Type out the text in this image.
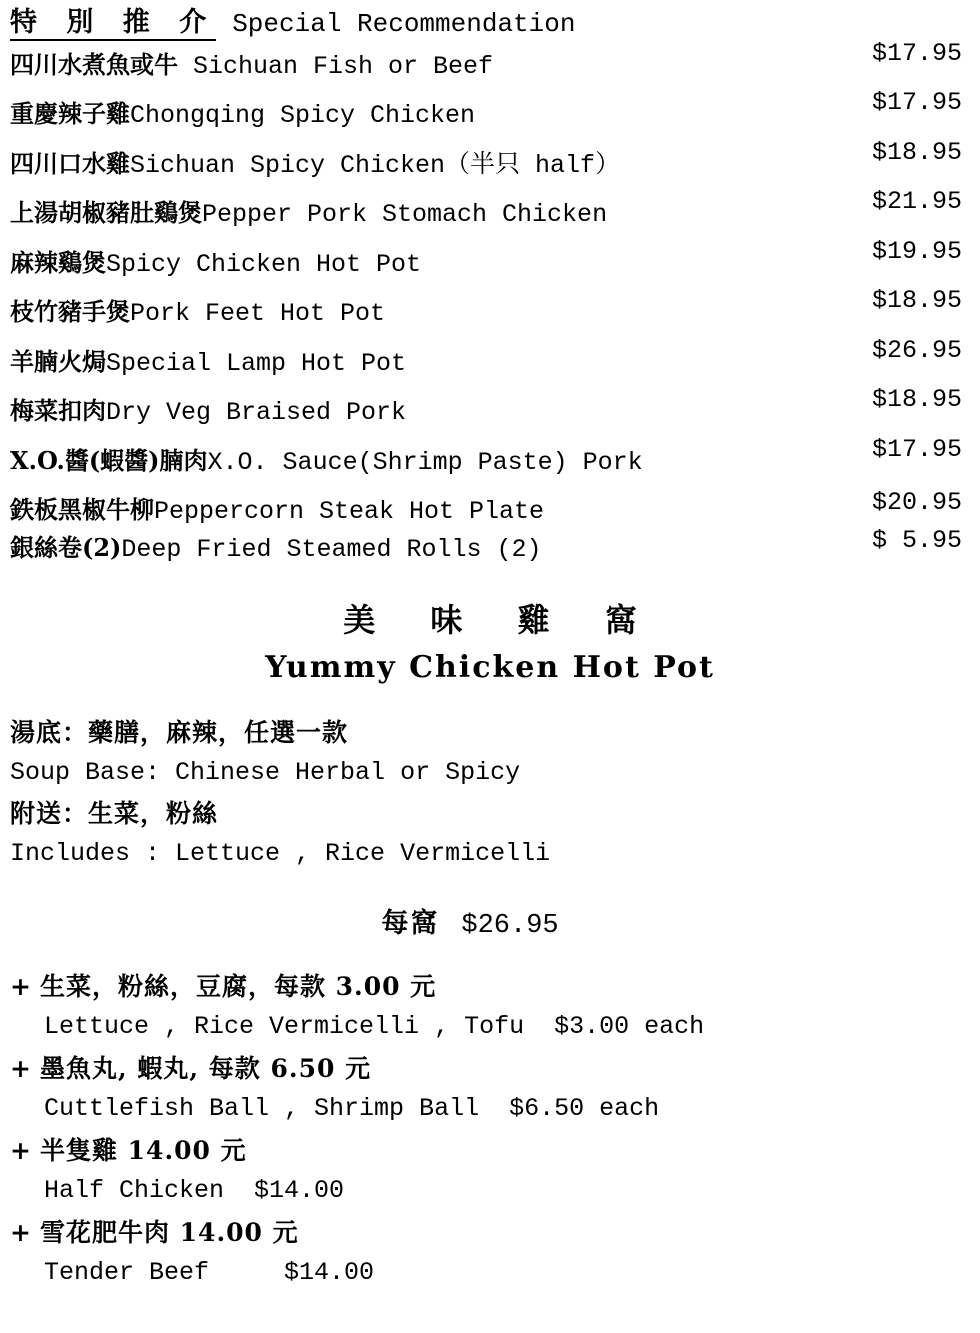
特 別 推 介 Special Recommendation
四川水煮魚或牛 Sichuan Fish or Beef	$17.95
重慶辣子雞Chongqing Spicy Chicken	$17.95
四川口水雞Sichuan Spicy Chicken（半只 half）	$18.95
上湯胡椒豬肚鷄煲Pepper Pork Stomach Chicken	$21.95
麻辣鷄煲Spicy Chicken Hot Pot	$19.95
枝竹豬手煲Pork Feet Hot Pot	$18.95
羊腩火焗Special Lamp Hot Pot	$26.95
梅菜扣肉Dry Veg Braised Pork	$18.95
X.O.醬(蝦醬)腩肉X.O. Sauce(Shrimp Paste) Pork	$17.95
鉄板黑椒牛柳Peppercorn Steak Hot Plate	$20.95
銀絲卷(2)Deep Fried Steamed Rolls (2)	$ 5.95
美 味 雞 窩
Yummy Chicken Hot Pot
湯底：藥膳，麻辣，任選一款
Soup Base: Chinese Herbal or Spicy
附送：生菜，粉絲
Includes : Lettuce , Rice Vermicelli
每窩 $26.95
+ 生菜，粉絲，豆腐，每款 3.00 元
Lettuce , Rice Vermicelli , Tofu  $3.00 each
+ 墨魚丸, 蝦丸, 每款 6.50 元
Cuttlefish Ball , Shrimp Ball  $6.50 each
+ 半隻雞 14.00 元
Half Chicken  $14.00
+ 雪花肥牛肉 14.00 元
Tender Beef     $14.00
